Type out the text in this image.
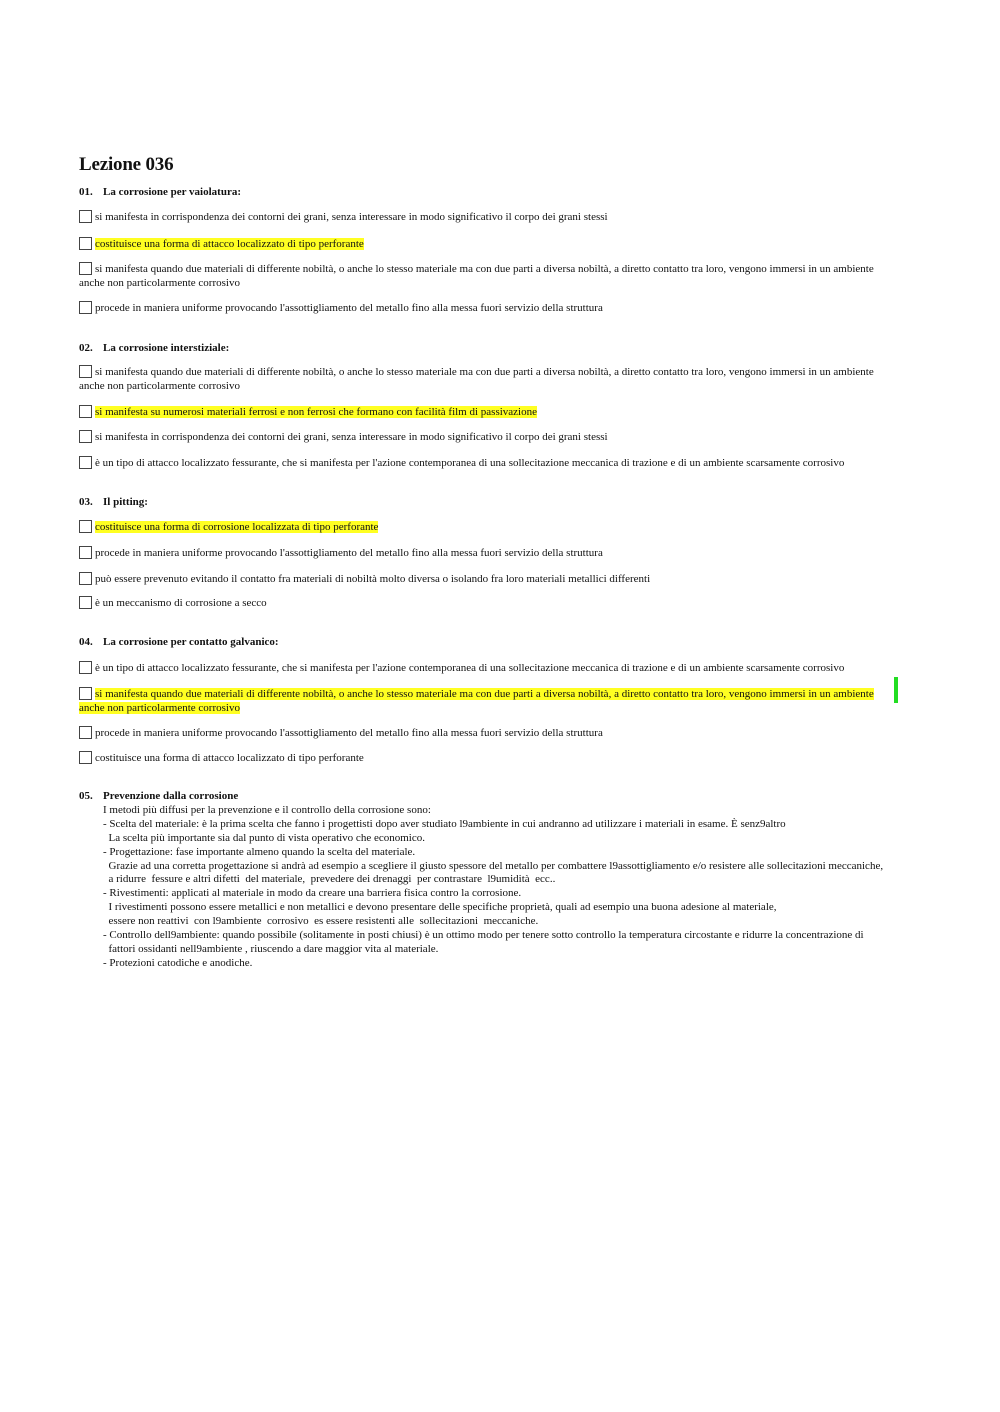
Lezione 036
01. La corrosione per vaiolatura:
si manifesta in corrispondenza dei contorni dei grani, senza interessare in modo significativo il corpo dei grani stessi
costituisce una forma di attacco localizzato di tipo perforante
si manifesta quando due materiali di differente nobiltà, o anche lo stesso materiale ma con due parti a diversa nobiltà, a diretto contatto tra loro, vengono immersi in un ambiente anche non particolarmente corrosivo
procede in maniera uniforme provocando l'assottigliamento del metallo fino alla messa fuori servizio della struttura
02. La corrosione interstiziale:
si manifesta quando due materiali di differente nobiltà, o anche lo stesso materiale ma con due parti a diversa nobiltà, a diretto contatto tra loro, vengono immersi in un ambiente anche non particolarmente corrosivo
si manifesta su numerosi materiali ferrosi e non ferrosi che formano con facilità film di passivazione
si manifesta in corrispondenza dei contorni dei grani, senza interessare in modo significativo il corpo dei grani stessi
è un tipo di attacco localizzato fessurante, che si manifesta per l'azione contemporanea di una sollecitazione meccanica di trazione e di un ambiente scarsamente corrosivo
03. Il pitting:
costituisce una forma di corrosione localizzata di tipo perforante
procede in maniera uniforme provocando l'assottigliamento del metallo fino alla messa fuori servizio della struttura
può essere prevenuto evitando il contatto fra materiali di nobiltà molto diversa o isolando fra loro materiali metallici differenti
è un meccanismo di corrosione a secco
04. La corrosione per contatto galvanico:
è un tipo di attacco localizzato fessurante, che si manifesta per l'azione contemporanea di una sollecitazione meccanica di trazione e di un ambiente scarsamente corrosivo
si manifesta quando due materiali di differente nobiltà, o anche lo stesso materiale ma con due parti a diversa nobiltà, a diretto contatto tra loro, vengono immersi in un ambiente anche non particolarmente corrosivo
procede in maniera uniforme provocando l'assottigliamento del metallo fino alla messa fuori servizio della struttura
costituisce una forma di attacco localizzato di tipo perforante
05. Prevenzione dalla corrosione
I metodi più diffusi per la prevenzione e il controllo della corrosione sono:
- Scelta del materiale: è la prima scelta che fanno i progettisti dopo aver studiato l9ambiente in cui andranno ad utilizzare i materiali in esame. È senz9altro
La scelta più importante sia dal punto di vista operativo che economico.
- Progettazione: fase importante almeno quando la scelta del materiale.
Grazie ad una corretta progettazione si andrà ad esempio a scegliere il giusto spessore del metallo per combattere l9assottigliamento e/o resistere alle sollecitazioni meccaniche,
a ridurre  fessure e altri difetti  del materiale,  prevedere dei drenaggi  per contrastare  l9umidità  ecc..
- Rivestimenti: applicati al materiale in modo da creare una barriera fisica contro la corrosione.
I rivestimenti possono essere metallici e non metallici e devono presentare delle specifiche proprietà, quali ad esempio una buona adesione al materiale,
essere non reattivi  con l9ambiente  corrosivo  es essere resistenti alle  sollecitazioni  meccaniche.
- Controllo dell9ambiente: quando possibile (solitamente in posti chiusi) è un ottimo modo per tenere sotto controllo la temperatura circostante e ridurre la concentrazione di
fattori ossidanti nell9ambiente , riuscendo a dare maggior vita al materiale.
- Protezioni catodiche e anodiche.
